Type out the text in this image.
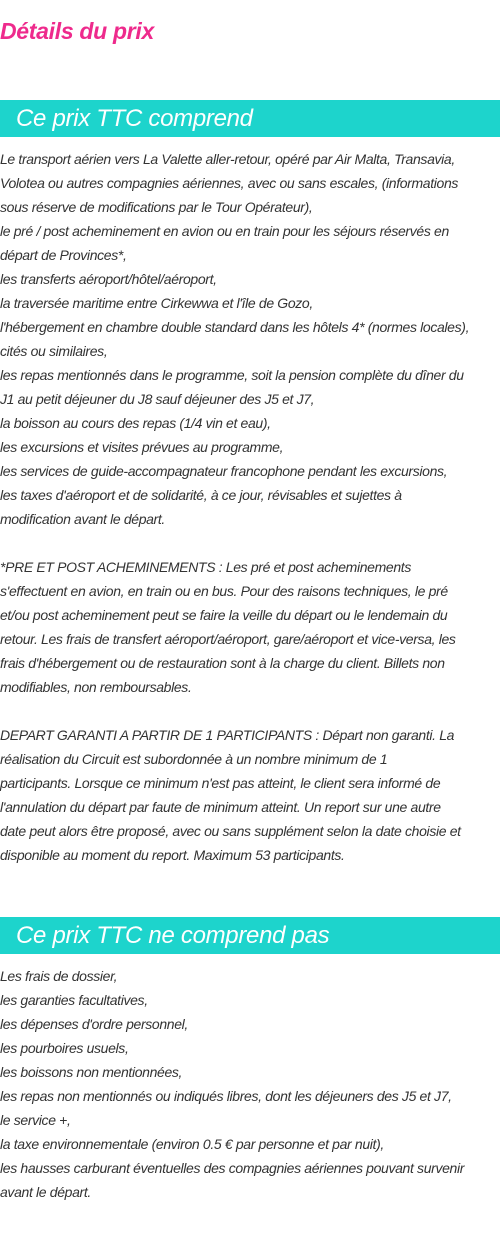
Détails du prix
Ce prix TTC comprend
Le transport aérien vers La Valette aller-retour, opéré par Air Malta, Transavia,
Volotea ou autres compagnies aériennes, avec ou sans escales, (informations
sous réserve de modifications par le Tour Opérateur),
le pré / post acheminement en avion ou en train pour les séjours réservés en
départ de Provinces*,
les transferts aéroport/hôtel/aéroport,
la traversée maritime entre Cirkewwa et l'île de Gozo,
l'hébergement en chambre double standard dans les hôtels 4* (normes locales),
cités ou similaires,
les repas mentionnés dans le programme, soit la pension complète du dîner du
J1 au petit déjeuner du J8 sauf déjeuner des J5 et J7,
la boisson au cours des repas (1/4 vin et eau),
les excursions et visites prévues au programme,
les services de guide-accompagnateur francophone pendant les excursions,
les taxes d'aéroport et de solidarité, à ce jour, révisables et sujettes à
modification avant le départ.
*PRE ET POST ACHEMINEMENTS : Les pré et post acheminements
s'effectuent en avion, en train ou en bus. Pour des raisons techniques, le pré
et/ou post acheminement peut se faire la veille du départ ou le lendemain du
retour. Les frais de transfert aéroport/aéroport, gare/aéroport et vice-versa, les
frais d'hébergement ou de restauration sont à la charge du client. Billets non
modifiables, non remboursables.
DEPART GARANTI A PARTIR DE 1 PARTICIPANTS : Départ non garanti. La
réalisation du Circuit est subordonnée à un nombre minimum de 1
participants. Lorsque ce minimum n'est pas atteint, le client sera informé de
l'annulation du départ par faute de minimum atteint. Un report sur une autre
date peut alors être proposé, avec ou sans supplément selon la date choisie et
disponible au moment du report. Maximum 53 participants.
Ce prix TTC ne comprend pas
Les frais de dossier,
les garanties facultatives,
les dépenses d'ordre personnel,
les pourboires usuels,
les boissons non mentionnées,
les repas non mentionnés ou indiqués libres, dont les déjeuners des J5 et J7,
le service +,
la taxe environnementale (environ 0.5 € par personne et par nuit),
les hausses carburant éventuelles des compagnies aériennes pouvant survenir
avant le départ.
